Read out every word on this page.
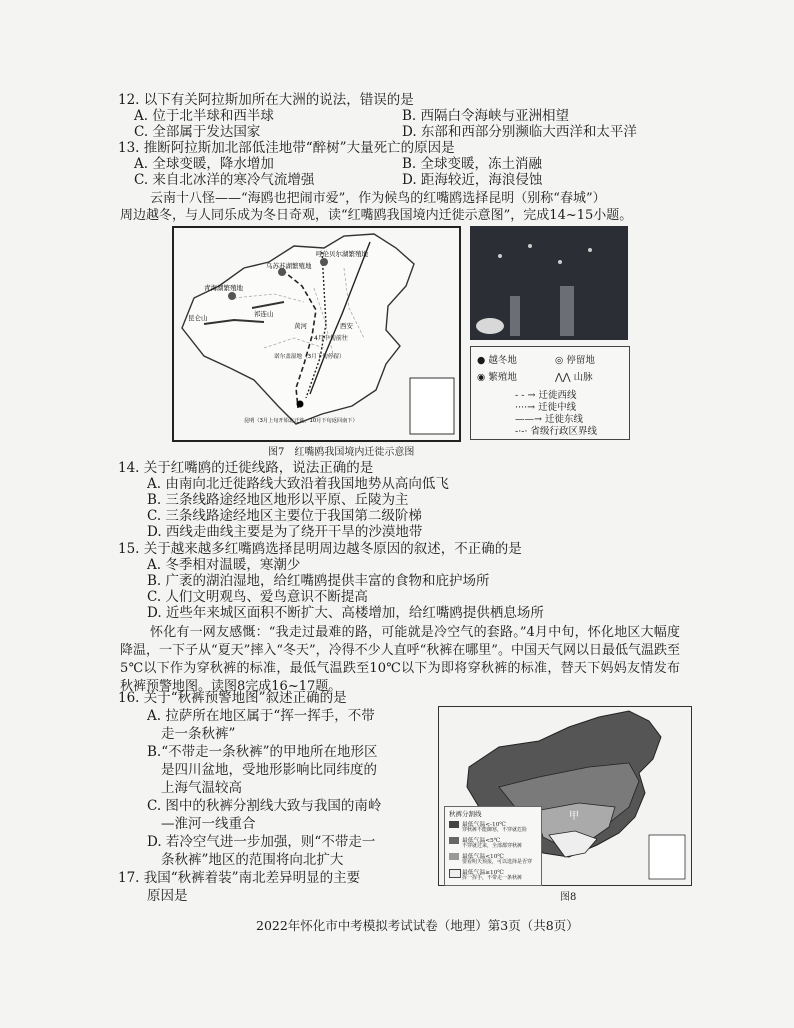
12. 以下有关阿拉斯加所在大洲的说法，错误的是
A. 位于北半球和西半球	B. 西隔白令海峡与亚洲相望
C. 全部属于发达国家	D. 东部和西部分别濒临大西洋和太平洋
13. 推断阿拉斯加北部低洼地带“醉树”大量死亡的原因是
A. 全球变暖，降水增加	B. 全球变暖，冻土消融
C. 来自北冰洋的寒冷气流增强	D. 距海较近，海浪侵蚀
云南十八怪——“海鸥也把闹市爱”，作为候鸟的红嘴鸥选择昆明（别称“春城”）
周边越冬，与人同乐成为冬日奇观，读“红嘴鸥我国境内迁徙示意图”，完成14~15小题。
乌苏苏湖繁殖地
呼伦贝尔湖繁殖地
青海湖繁殖地
昆仑山	祁连山
黄河
4月中旬前往
诺尔盖湿地（3月下旬停留）
昆明（3月上旬开始北迁徙，10月下旬返回南下）
西安
● 越冬地	◎ 停留地
◉ 繁殖地	⋀⋀ 山脉
- - → 迁徙西线
····→ 迁徙中线
——→ 迁徙东线
-·-· 省级行政区界线
图7　红嘴鸥我国境内迁徙示意图
14. 关于红嘴鸥的迁徙线路，说法正确的是
A. 由南向北迁徙路线大致沿着我国地势从高向低飞
B. 三条线路途经地区地形以平原、丘陵为主
C. 三条线路途经地区主要位于我国第二级阶梯
D. 西线走曲线主要是为了绕开干旱的沙漠地带
15. 关于越来越多红嘴鸥选择昆明周边越冬原因的叙述，不正确的是
A. 冬季相对温暖，寒潮少
B. 广袤的湖泊湿地，给红嘴鸥提供丰富的食物和庇护场所
C. 人们文明观鸟、爱鸟意识不断提高
D. 近些年来城区面积不断扩大、高楼增加，给红嘴鸥提供栖息场所
怀化有一网友感慨：“我走过最难的路，可能就是冷空气的套路。”4月中旬，怀化地区大幅度降温，一下子从“夏天”摔入“冬天”，冷得不少人直呼“秋裤在哪里”。中国天气网以日最低气温跌至5℃以下作为穿秋裤的标准，最低气温跌至10℃以下为即将穿秋裤的标准，替天下妈妈友情发布秋裤预警地图。读图8完成16~17题。
16. 关于“秋裤预警地图”叙述正确的是
A. 拉萨所在地区属于“挥一挥手，不带
走一条秋裤”
B.“不带走一条秋裤”的甲地所在地形区
是四川盆地，受地形影响比同纬度的
上海气温较高
C. 图中的秋裤分割线大致与我国的南岭
—淮河一线重合
D. 若冷空气进一步加强，则“不带走一
条秋裤”地区的范围将向北扩大
17. 我国“秋裤着装”南北差异明显的主要
原因是
甲
秋裤分割线
最低气温<-10℃
穿秋裤不能御寒，不穿就危险
最低气温<5℃
不穿就过来，全部都穿秋裤
最低气温<10℃
要看明天预报，可以选择是否穿
最低气温≥10℃
挥一挥手，不带走一条秋裤
图8
2022年怀化市中考模拟考试试卷（地理）第3页（共8页）
